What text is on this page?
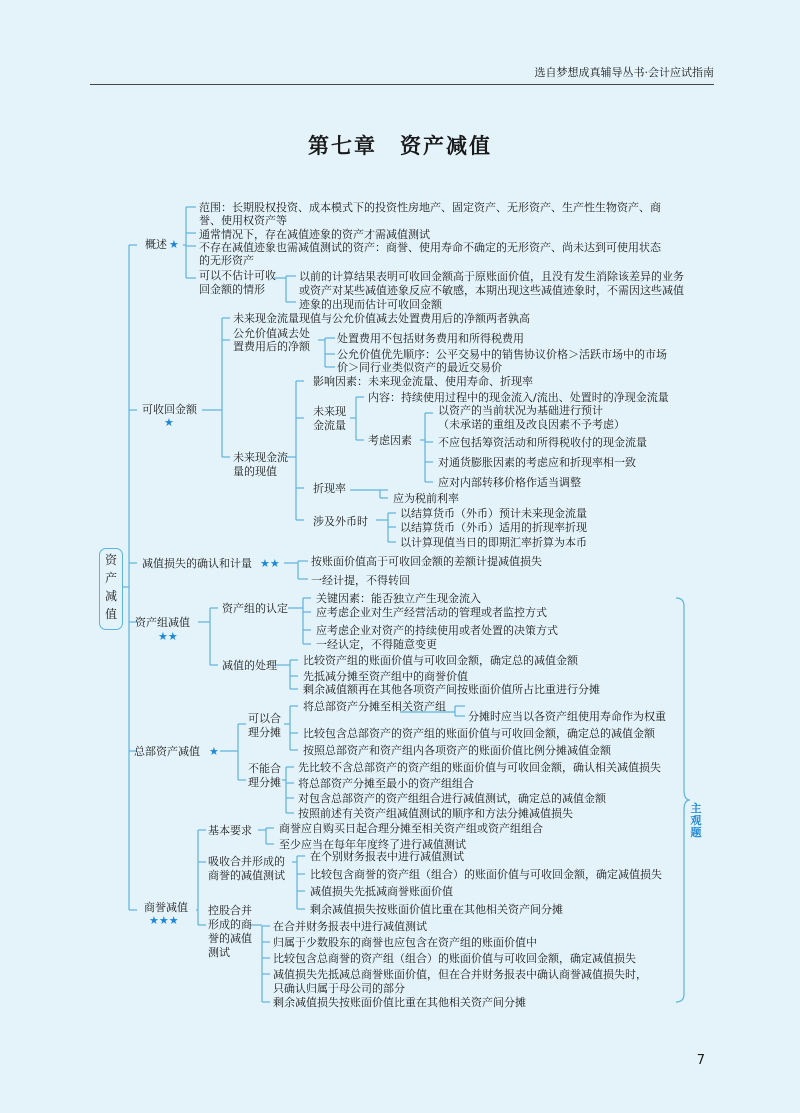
选自梦想成真辅导丛书·会计应试指南
第七章　资产减值
资
产
减
值
概述 ★
范围：长期股权投资、成本模式下的投资性房地产、固定资产、无形资产、生产性生物资产、商
誉、使用权资产等
通常情况下，存在减值迹象的资产才需减值测试
不存在减值迹象也需减值测试的资产：商誉、使用寿命不确定的无形资产、尚未达到可使用状态
的无形资产
可以不估计可收
回金额的情形
以前的计算结果表明可收回金额高于原账面价值，且没有发生消除该差异的业务
或资产对某些减值迹象反应不敏感，本期出现这些减值迹象时，不需因这些减值
迹象的出现而估计可收回金额
可收回金额
★
未来现金流量现值与公允价值减去处置费用后的净额两者孰高
公允价值减去处
置费用后的净额
处置费用不包括财务费用和所得税费用
公允价值优先顺序：公平交易中的销售协议价格＞活跃市场中的市场
价＞同行业类似资产的最近交易价
未来现金流
量的现值
影响因素：未来现金流量、使用寿命、折现率
未来现
金流量
内容：持续使用过程中的现金流入/流出、处置时的净现金流量
考虑因素
以资产的当前状况为基础进行预计
（未承诺的重组及改良因素不予考虑）
不应包括筹资活动和所得税收付的现金流量
对通货膨胀因素的考虑应和折现率相一致
应对内部转移价格作适当调整
折现率
应为税前利率
涉及外币时
以结算货币（外币）预计未来现金流量
以结算货币（外币）适用的折现率折现
以计算现值当日的即期汇率折算为本币
减值损失的确认和计量 ★★	按账面价值高于可收回金额的差额计提减值损失
一经计提，不得转回
资产组减值
★★
资产组的认定
关键因素：能否独立产生现金流入
应考虑企业对生产经营活动的管理或者监控方式
应考虑企业对资产的持续使用或者处置的决策方式
一经认定，不得随意变更
减值的处理 比较资产组的账面价值与可收回金额，确定总的减值金额
先抵减分摊至资产组中的商誉价值
剩余减值额再在其他各项资产间按账面价值所占比重进行分摊
总部资产减值 ★
可以合
理分摊
将总部资产分摊至相关资产组
分摊时应当以各资产组使用寿命作为权重
比较包含总部资产的资产组的账面价值与可收回金额，确定总的减值金额
按照总部资产和资产组内各项资产的账面价值比例分摊减值金额
不能合
理分摊
先比较不含总部资产的资产组的账面价值与可收回金额，确认相关减值损失
将总部资产分摊至最小的资产组组合
对包含总部资产的资产组组合进行减值测试，确定总的减值金额
按照前述有关资产组减值测试的顺序和方法分摊减值损失
商誉减值
★★★
基本要求 商誉应自购买日起合理分摊至相关资产组或资产组组合
至少应当在每年年度终了进行减值测试
吸收合并形成的
商誉的减值测试
在个别财务报表中进行减值测试
比较包含商誉的资产组（组合）的账面价值与可收回金额，确定减值损失
减值损失先抵减商誉账面价值
剩余减值损失按账面价值比重在其他相关资产间分摊
控股合并
形成的商
誉的减值
测试
在合并财务报表中进行减值测试
归属于少数股东的商誉也应包含在资产组的账面价值中
比较包含总商誉的资产组（组合）的账面价值与可收回金额，确定减值损失
减值损失先抵减总商誉账面价值，但在合并财务报表中确认商誉减值损失时，
只确认归属于母公司的部分
剩余减值损失按账面价值比重在其他相关资产间分摊
主
观
题
7
